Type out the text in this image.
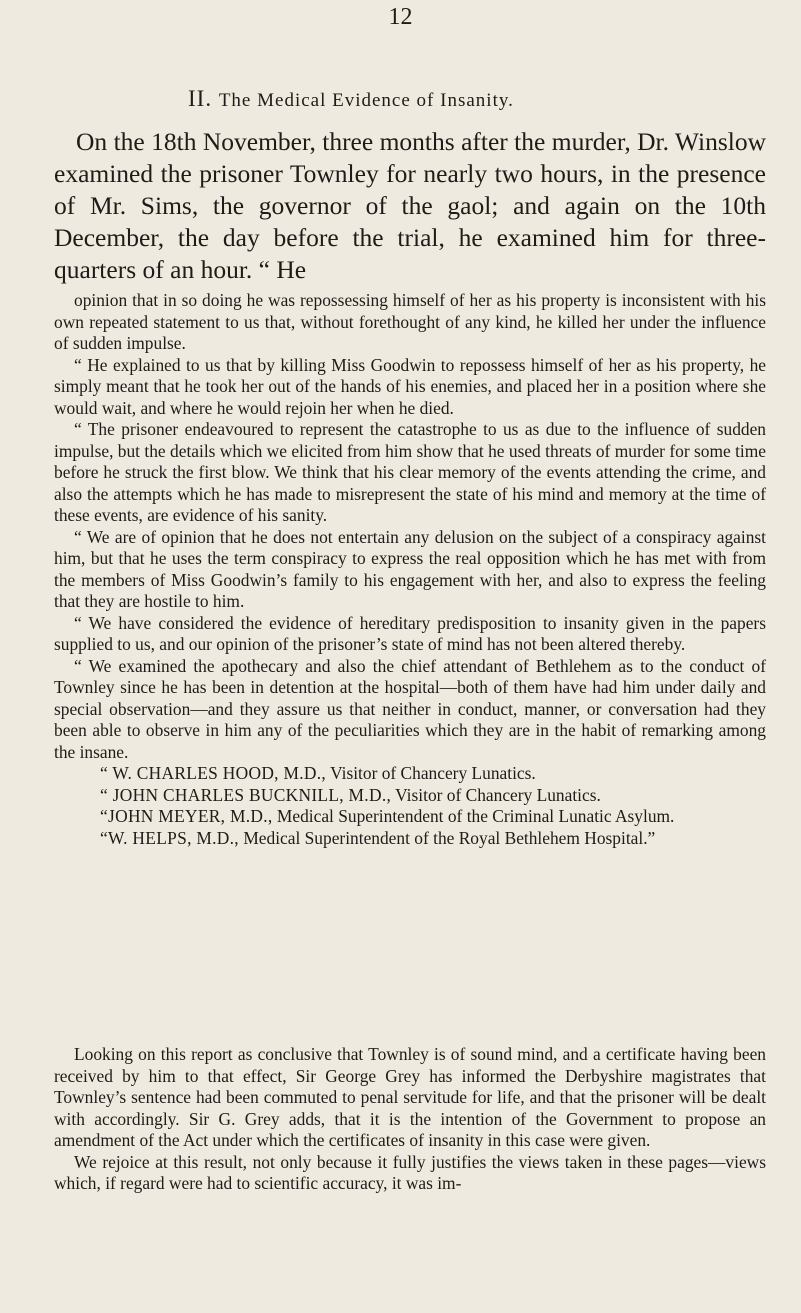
12
II. The Medical Evidence of Insanity.

On the 18th November, three months after the murder, Dr. Winslow examined the prisoner Townley for nearly two hours, in the presence of Mr. Sims, the governor of the gaol; and again on the 10th December, the day before the trial, he examined him for three-quarters of an hour. “ He

opinion that in so doing he was repossessing himself of her as his property is inconsistent with his own repeated statement to us that, without forethought of any kind, he killed her under the influence of sudden impulse.

“ He explained to us that by killing Miss Goodwin to repossess himself of her as his property, he simply meant that he took her out of the hands of his enemies, and placed her in a position where she would wait, and where he would rejoin her when he died.

“ The prisoner endeavoured to represent the catastrophe to us as due to the influence of sudden impulse, but the details which we elicited from him show that he used threats of murder for some time before he struck the first blow. We think that his clear memory of the events attending the crime, and also the attempts which he has made to misrepresent the state of his mind and memory at the time of these events, are evidence of his sanity.

“ We are of opinion that he does not entertain any delusion on the subject of a conspiracy against him, but that he uses the term conspiracy to express the real opposition which he has met with from the members of Miss Goodwin’s family to his engagement with her, and also to express the feeling that they are hostile to him.

“ We have considered the evidence of hereditary predisposition to insanity given in the papers supplied to us, and our opinion of the prisoner’s state of mind has not been altered thereby.

“ We examined the apothecary and also the chief attendant of Bethlehem as to the conduct of Townley since he has been in detention at the hospital—both of them have had him under daily and special observation—and they assure us that neither in conduct, manner, or conversation had they been able to observe in him any of the peculiarities which they are in the habit of remarking among the insane.

“ W. CHARLES HOOD, M.D., Visitor of Chancery Lunatics.

“ JOHN CHARLES BUCKNILL, M.D., Visitor of Chancery Lunatics.

“JOHN MEYER, M.D., Medical Superintendent of the Criminal Lunatic Asylum.

“W. HELPS, M.D., Medical Superintendent of the Royal Bethlehem Hospital.”

Looking on this report as conclusive that Townley is of sound mind, and a certificate having been received by him to that effect, Sir George Grey has informed the Derbyshire magistrates that Townley’s sentence had been commuted to penal servitude for life, and that the prisoner will be dealt with accordingly. Sir G. Grey adds, that it is the intention of the Government to propose an amendment of the Act under which the certificates of insanity in this case were given.

We rejoice at this result, not only because it fully justifies the views taken in these pages—views which, if regard were had to scientific accuracy, it was im-
